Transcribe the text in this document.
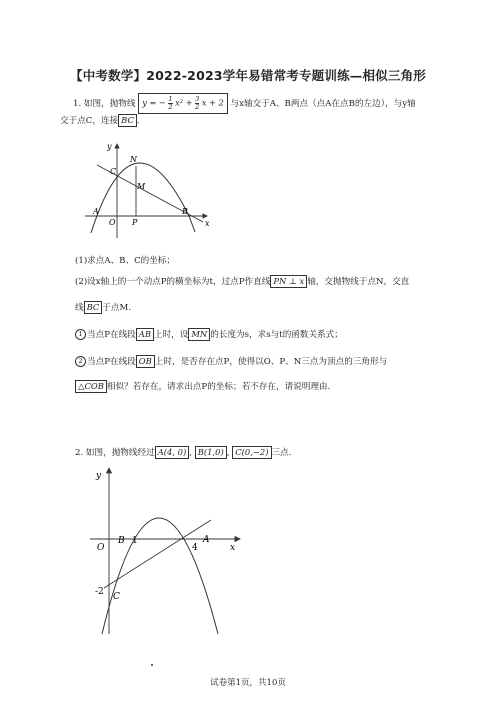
【中考数学】2022-2023学年易错常考专题训练—相似三角形
1. 如图，抛物线 y = − $\frac{1}{2} x^2 + \frac{3}{2}$ x + 2 与x轴交于A、B两点（点A在点B的左边），与y轴
交于点C，连接 BC .
y
N
C
M
A
O P
B
x
(1)求点A、B、C的坐标；
(2)设x轴上的一个动点P的横坐标为t，过点P作直线 PN ⊥ x 轴，交抛物线于点N，交直
线 BC 于点M.
1 当点P在线段 AB 上时，设 MN 的长度为s，求s与t的函数关系式；
2 当点P在线段 OB 上时，是否存在点P，使得以O、P、N三点为顶点的三角形与
△COB 相似？若存在，请求出点P的坐标；若不存在，请说明理由.
2. 如图，抛物线经过 A(4, 0) , B(1,0) , C(0,−2) 三点.
y
O
B 1
4
A
x
-2 C
试卷第1页，共10页
